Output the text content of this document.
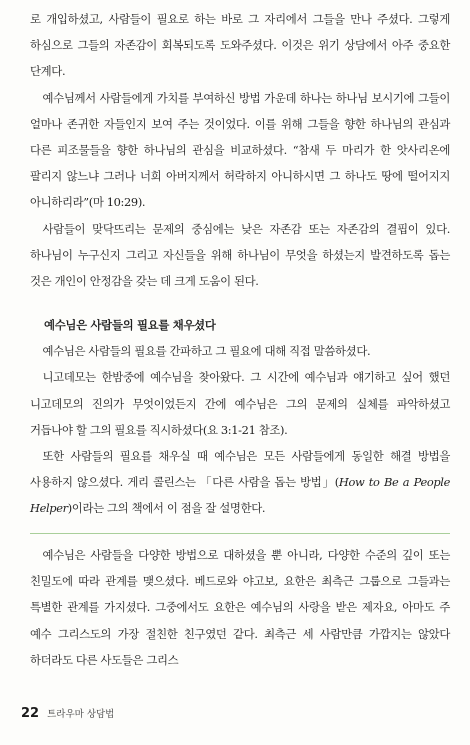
로 개입하셨고, 사람들이 필요로 하는 바로 그 자리에서 그들을 만나 주셨다. 그렇게 하심으로 그들의 자존감이 회복되도록 도와주셨다. 이것은 위기 상담에서 아주 중요한 단계다.

예수님께서 사람들에게 가치를 부여하신 방법 가운데 하나는 하나님 보시기에 그들이 얼마나 존귀한 자들인지 보여 주는 것이었다. 이를 위해 그들을 향한 하나님의 관심과 다른 피조물들을 향한 하나님의 관심을 비교하셨다. “참새 두 마리가 한 앗사리온에 팔리지 않느냐 그러나 너희 아버지께서 허락하지 아니하시면 그 하나도 땅에 떨어지지 아니하리라”(마 10:29).

사람들이 맞닥뜨리는 문제의 중심에는 낮은 자존감 또는 자존감의 결핍이 있다. 하나님이 누구신지 그리고 자신들을 위해 하나님이 무엇을 하셨는지 발견하도록 돕는 것은 개인이 안정감을 갖는 데 크게 도움이 된다.

예수님은 사람들의 필요를 채우셨다

예수님은 사람들의 필요를 간파하고 그 필요에 대해 직접 말씀하셨다.

니고데모는 한밤중에 예수님을 찾아왔다. 그 시간에 예수님과 얘기하고 싶어 했던 니고데모의 진의가 무엇이었든지 간에 예수님은 그의 문제의 실체를 파악하셨고 거듭나야 할 그의 필요를 직시하셨다(요 3:1-21 참조).

또한 사람들의 필요를 채우실 때 예수님은 모든 사람들에게 동일한 해결 방법을 사용하지 않으셨다. 게리 콜린스는 「다른 사람을 돕는 방법」(How to Be a People Helper)이라는 그의 책에서 이 점을 잘 설명한다.

예수님은 사람들을 다양한 방법으로 대하셨을 뿐 아니라, 다양한 수준의 깊이 또는 친밀도에 따라 관계를 맺으셨다. 베드로와 야고보, 요한은 최측근 그룹으로 그들과는 특별한 관계를 가지셨다. 그중에서도 요한은 예수님의 사랑을 받은 제자요, 아마도 주 예수 그리스도의 가장 절친한 친구였던 같다. 최측근 세 사람만큼 가깝지는 않았다 하더라도 다른 사도들은 그리스

22 트라우마 상담법
